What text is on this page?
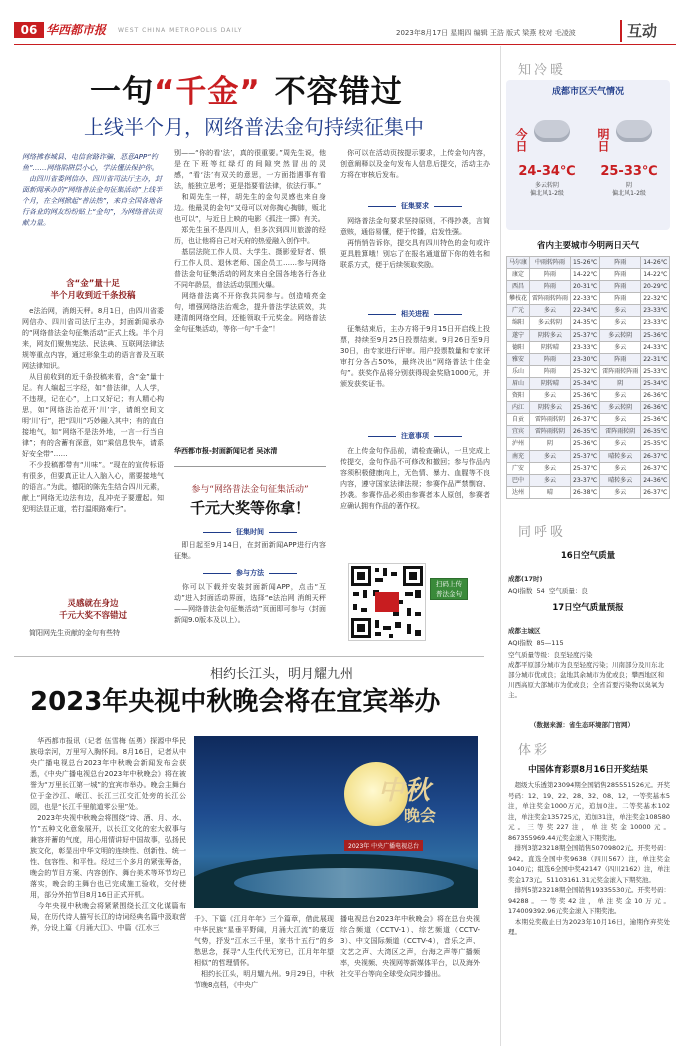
06 华西都市报 WEST CHINA METROPOLIS DAILY	2023年8月17日 星期四 编辑 王浩 版式 梁燕 校对 毛凌波	互动
一句“千金” 不容错过
上线半个月，网络普法金句持续征集中
网络拂春城县、电信套路诈骗、恶意APP“钓鱼”……网络陷阱层小心，学法懂法保护你。
　由四川省委网信办、四川省司法厅主办，封面新闻承办的“网络普法金句征集活动”上线半个月，在全网掀起“普法热”，来自全国各地各行各业的网友纷纷贴上“金句”，为网络普法贡献力量。
含“金”量十足
半个月收到近千条投稿
　e法治网，消朗天秤。8月1日，由四川省委网信办、四川省司法厅主办，封面新闻承办的“网络普法金句征集活动”正式上线。半个月来，网友们聚焦宪法、民法典、互联网法律法规等重点内容，通过形象生动的语言普及互联网法律知识。
　从目前收到的近千条投稿来看，含“金”量十足。有人编起三字经，如“普法律，人人学，不违规，记在心”，上口又好记；有人精心构思，如“网络法治花开‘川’字，请朗空间文明‘川’行”，把“四川”巧妙融入其中；有的直白接地气，如“网络不是法外地，一言一行当自律”；有的含蓄有深意，如“乘信息快车，请系好安全带”……
　不少投稿都带有“川味”。“现在的宣传标语有很多，但要真正让人入脑入心，需要接地气的语言。”为此，德阳的陈先生结合四川元素，献上“网络无边法有边，乱冲壳子要遭起。知犯明法显正道，若打温眼路难行”。
灵感就在身边
千元大奖不容错过
　简阳网先生贡献的金句有些特
别——“你的看‘法’，真的很重要。”周先生说，他是在下班等红绿灯的间隙突然冒出的灵感，“看‘法’有双关的意思，一方面指遇事有看法，能独立思考；更是指要看法律，依法行事。”
　和周先生一样，胡先生的金句灵感也来自身边。他最灵的金句“又母可以对你掏心掏肺，贩北也可以”，与近日上映的电影《孤注一掷》有关。
　郑先生虽不是四川人，但多次到四川旅游的经历，也让他将自己对天府的热爱融入创作中。
　基层法院工作人员、大学生、摄影爱好者、银行工作人员、退休老师、国企员工……参与网络普法金句征集活动的网友来自全国各地各行各业不同年龄层，普法活动氛围火爆。
　网络普法离不开你我共同参与。创造啃亮金句，增强网络法治观念，提升普法学法质效，共建清朗网络空间，还能领取千元奖金。网络普法金句征集活动，等你一句“千金”！
华西都市报-封面新闻记者 吴冰清
参与“网络普法金句征集活动”
千元大奖等你拿！
征集时间
　即日起至9月14日，在封面新闻APP进行内容征集。
参与方法
　你可以下载并安装封面新闻APP，点击“互动”进入封面活动界面，选择“e法治网 消朗天秤——网络普法金句征集活动”页面即可参与（封面新闻9.0版本及以上）。
　你可以在活动页按提示要求，上传金句内容，创意阐释以及金句发布人信息后提交，活动主办方将在审核后发布。
征集要求
　网络普法金句要求坚持原则，不得抄袭，言简意赅，通俗易懂，便于传播，启发性强。
　再悄悄告诉你，提交具有四川特色的金句或许更具胜算哦！别忘了在报名通道留下你的姓名和联系方式，便于后续领取奖励。
相关进程
　征集结束后，主办方将于9月15日开启线上投票，持续至9月25日投票结束。9月26日至9月30日，由专家进行评审。用户投票数量和专家评审打分各占50%，最终决出“网络普法十佳金句”。获奖作品将分别获得现金奖励1000元，并颁发获奖证书。
注意事项
　在上传金句作品前，请检查确认，一旦完成上传提交，金句作品不可修改和撤回；参与作品内容须积极健康向上，无色情、暴力、血腥等不良内容，遵守国家法律法规；参赛作品严禁剽窃、抄袭。参赛作品必须由参赛者本人原创，参赛者应确认拥有作品的著作权。
扫码上传
普法金句
相约长江头，明月耀九州
2023年央视中秋晚会将在宜宾举办
　华西都市报讯（记者 伍雪梅 伍勇）探源中华民族母亲河，万里写入胸怀间。8月16日，记者从中央广播电视总台2023年中秋晚会新闻发布会获悉，《中央广播电视总台2023年中秋晚会》将在被誉为“万里长江第一城”的宜宾市举办。晚会主舞台位于金沙江、岷江、长江三江交汇处旁的长江公园，也是“长江千里航道零公里”处。
　2023年央视中秋晚会将围绕“诗、酒、月、水、竹”五种文化意象展开，以长江文化的宏大叙事与兼容并蓄的气度，用心用情讲好中国故事，弘扬民族文化，彰显出中华文明的连续性、创新性、统一性、包容性、和平性。经过三个多月的紧张筹备，晚会的节目方案、内容创作、舞台美术等环节均已落实，晚会的主舞台也已完成施工验收，交付使用，部分外拍节目8月16日正式开机。
　今年央视中秋晚会将紧紧围绕长江文化谋篇布局，在历代诗人描写长江的诗词经典名篇中汲取营养，分设上篇《月涌大江》、中篇《江水三
中秋
晚会
2023年 中央广播电视总台
千》、下篇《江月年年》三个篇章，借此展现中华民族“星垂平野阔，月涌大江流”的豪迈气势，抒发“江水三千里，家书十五行”的乡愁思念，探寻“人生代代无穷已，江月年年望相似”的哲理情怀。
　相约长江头，明月耀九州。9月29日，中秋节晚8点档，《中央广
播电视总台2023年中秋晚会》将在总台央视综合频道（CCTV-1）、综艺频道（CCTV-3）、中文国际频道（CCTV-4），音乐之声、文艺之声、大湾区之声，台海之声等广播频率，央视频、央视网等新媒体平台，以及海外社交平台等向全球受众同步播出。
知冷暖
成都市区天气情况
今日
24-34℃
多云转阴
偏北风1-2级
明日
25-33℃
阴
偏北风1-2级
省内主要城市今明两日天气
马尔康	中雨转阵雨	15-26℃	阵雨	14-26℃
康定	阵雨	14-22℃	阵雨	14-22℃
西昌	阵雨	20-31℃	阵雨	20-29℃
攀枝花	雷阵雨转阵雨	22-33℃	阵雨	22-32℃
广元	多云	22-34℃	多云	23-33℃
绵阳	多云转阴	24-35℃	多云	23-33℃
遂宁	阴转多云	25-37℃	多云转阴	25-36℃
德阳	阴转晴	23-33℃	多云	24-33℃
雅安	阵雨	23-30℃	阵雨	22-31℃
乐山	阵雨	25-32℃	雷阵雨转阵雨	25-33℃
眉山	阴转晴	25-34℃	阴	25-34℃
资阳	多云	25-36℃	多云	26-36℃
内江	阴转多云	25-36℃	多云转阴	26-36℃
自贡	雷阵雨转阴	26-37℃	多云	25-36℃
宜宾	雷阵雨转阴	26-35℃	雷阵雨转阴	26-35℃
泸州	阴	25-36℃	多云	25-35℃
南充	多云	25-37℃	晴转多云	26-37℃
广安	多云	25-37℃	多云	26-37℃
巴中	多云	23-37℃	晴转多云	24-36℃
达州	晴	26-38℃	多云	26-37℃
同呼吸
16日空气质量
成都(17时)
AQI指数  54  空气质量：良
17日空气质量预报
成都主城区
AQI指数  85—115
空气质量等级：良至轻度污染
成都平原部分城市为良至轻度污染；川南部分及川东北部分城市优或良；盆地其余城市为优或良；攀西地区和川西高原大部城市为优或良；全省首要污染物以臭氧为主。
（数据来源：省生态环境部门官网）
体彩
中国体育彩票8月16日开奖结果
　超级大乐透第23094期全国销售285551526元。开奖号码：12、19、22、28、32、08、12，一等奖基本5注，单注奖金1000万元，追加0注。二等奖基本102注，单注奖金135725元，追加31注，单注奖金108580元。三等奖227注，单注奖金10000元。867355969.44元奖金滚入下期奖池。
　排列3第23218期全国销售50709802元。开奖号码：942。直选全国中奖9638（四川567）注，单注奖金1040元；组选6全国中奖42147（四川2162）注，单注奖金173元。51103161.31元奖金滚入下期奖池。
　排列5第23218期全国销售19335530元。开奖号码：94288。一等奖42注，单注奖金10万元。174009392.96元奖金滚入下期奖池。
　本期兑奖截止日为2023年10月16日，逾期作弃奖处理。
